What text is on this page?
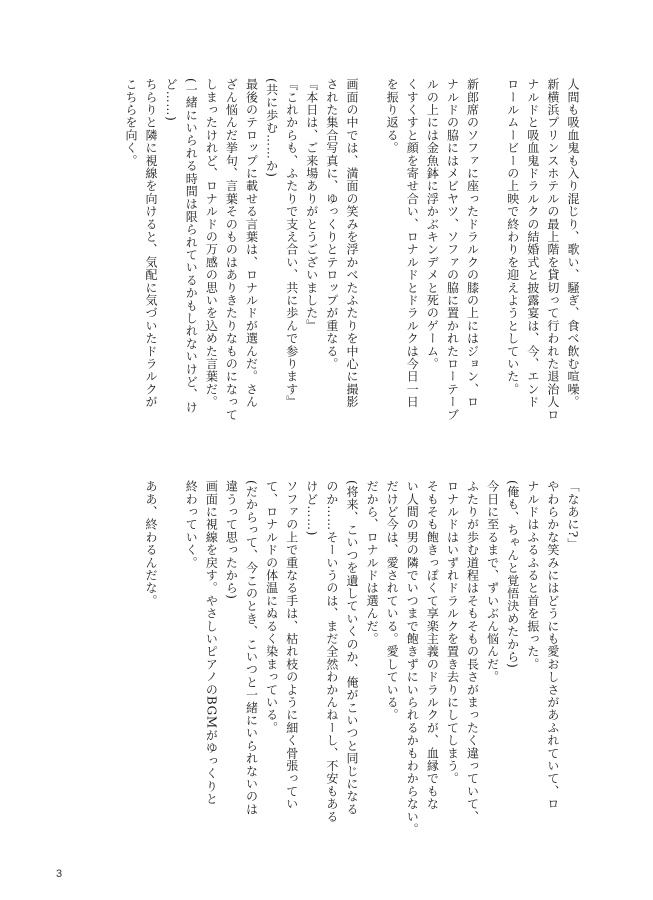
人間も吸血鬼も入り混じり、歌い、騒ぎ、食べ飲む喧噪。

新横浜プリンスホテルの最上階を貸切って行われた退治人ロ

ナルドと吸血鬼ドラルクの結婚式と披露宴は、今、エンド

ロールムービーの上映で終わりを迎えようとしていた。

新郎席のソファに座ったドラルクの膝の上にはジョン、ロ

ナルドの脇にはメビヤツ、ソファの脇に置かれたローテーブ

ルの上には金魚鉢に浮かぶキンデメと死のゲーム。

くすくすと顔を寄せ合い、ロナルドとドラルクは今日一日

を振り返る。

画面の中では、満面の笑みを浮かべたふたりを中心に撮影

された集合写真に、ゆっくりとテロップが重なる。

『本日は、ご来場ありがとうございました』

『これからも、ふたりで支え合い、共に歩んで参ります』

(共に歩む……か)

最後のテロップに載せる言葉は、ロナルドが選んだ。さん

ざん悩んだ挙句、言葉そのものはありきたりなものになって

しまったけれど、ロナルドの万感の思いを込めた言葉だ。

(一緒にいられる時間は限られているかもしれないけど、け

ど……)

ちらりと隣に視線を向けると、気配に気づいたドラルクが

こちらを向く。

「なあに?」

やわらかな笑みにはどうにも愛おしさがあふれていて、ロ

ナルドはふるふると首を振った。

(俺も、ちゃんと覚悟決めたから)

今日に至るまで、ずいぶん悩んだ。

ふたりが歩む道程はそもそもの長さがまったく違っていて、

ロナルドはいずれドラルクを置き去りにしてしまう。

そもそも飽きっぽくて享楽主義のドラルクが、血縁でもな

い人間の男の隣でいつまで飽きずにいられるかもわからない。

だけど今は、愛されている。愛している。

だから、ロナルドは選んだ。

(将来、こいつを遺していくのか、俺がこいつと同じになる

のか……そーいうのは、まだ全然わかんねーし、不安もある

けど……)

ソファの上で重なる手は、枯れ枝のように細く骨張ってい

て、ロナルドの体温にぬるく染まっている。

(だからって、今このとき、こいつと一緒にいられないのは

違うって思ったから)

画面に視線を戻す。やさしいピアノのBGMがゆっくりと

終わっていく。

ああ、終わるんだな。

3
